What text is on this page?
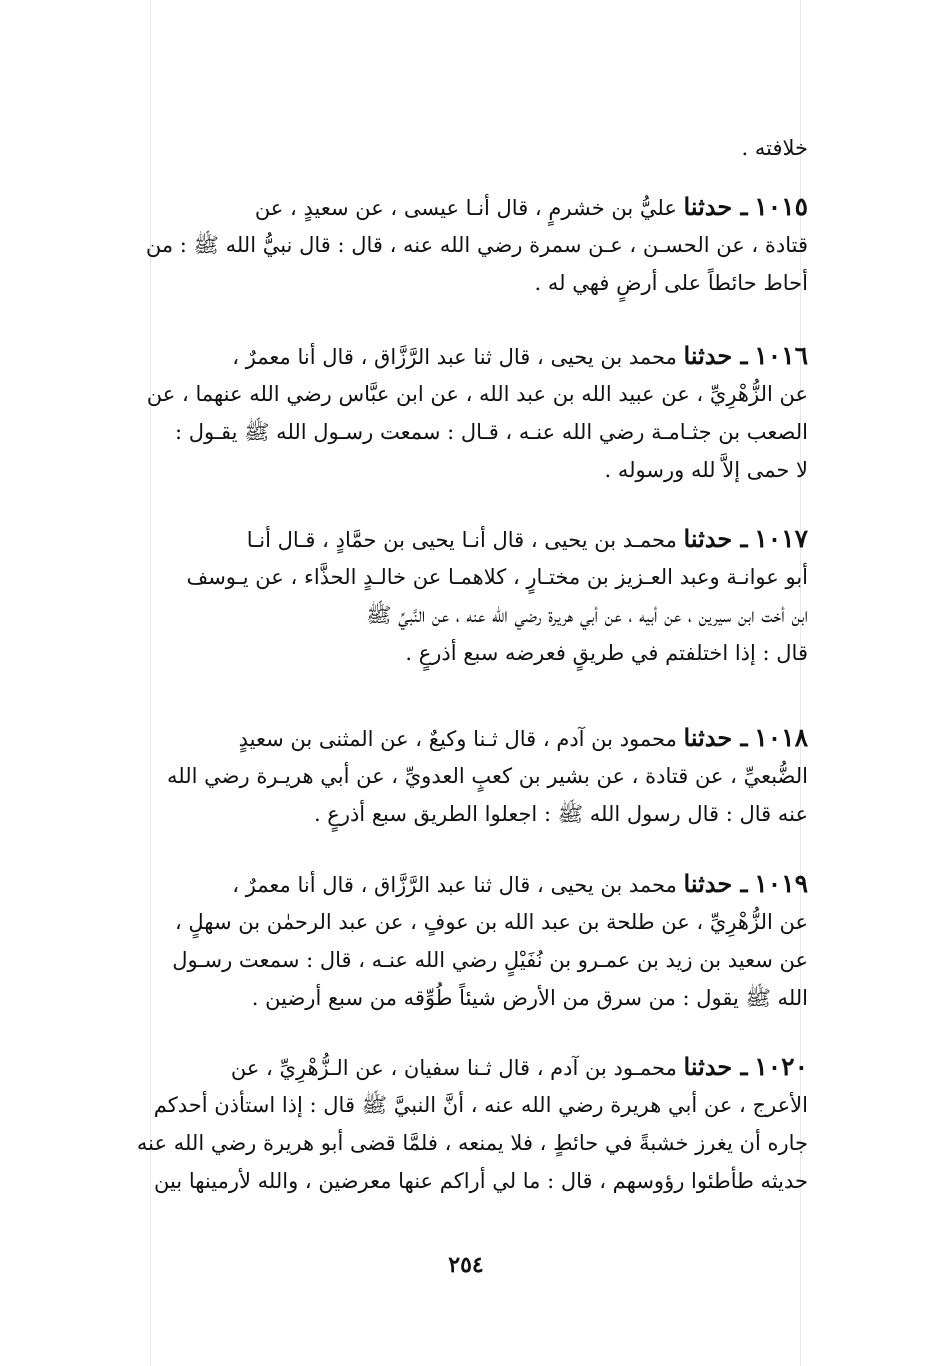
خلافته .
١٠١٥ ـ حدثنا عليُّ بن خشرمٍ ، قال أنـا عيسى ، عن سعيدٍ ، عن
قتادة ، عن الحسـن ، عـن سمرة رضي الله عنه ، قال : قال نبيُّ الله ﷺ : من
أحاط حائطاً على أرضٍ فهي له .
١٠١٦ ـ حدثنا محمد بن يحيى ، قال ثنا عبد الرَّزَّاق ، قال أنا معمرٌ ،
عن الزُّهْرِيِّ ، عن عبيد الله بن عبد الله ، عن ابن عبَّاس رضي الله عنهما ، عن
الصعب بن جثـامـة رضي الله عنـه ، قـال : سمعت رسـول الله ﷺ يقـول :
لا حمى إلاَّ لله ورسوله .
١٠١٧ ـ حدثنا محمـد بن يحيى ، قال أنـا يحيى بن حمَّادٍ ، قـال أنـا
أبو عوانـة وعبد العـزيز بن مختـارٍ ، كلاهمـا عن خالـدٍ الحذَّاء ، عن يـوسف
ابن أخت ابن سيرين ، عن أبيه ، عن أبي هريرة رضي الله عنه ، عن النَّبيِّ ﷺ
قال : إذا اختلفتم في طريقٍ فعرضه سبع أذرعٍ .
١٠١٨ ـ حدثنا محمود بن آدم ، قال ثـنا وكيعٌ ، عن المثنى بن سعيدٍ
الضُّبعيِّ ، عن قتادة ، عن بشير بن كعبٍ العدويِّ ، عن أبي هريـرة رضي الله
عنه قال : قال رسول الله ﷺ : اجعلوا الطريق سبع أذرعٍ .
١٠١٩ ـ حدثنا محمد بن يحيى ، قال ثنا عبد الرَّزَّاق ، قال أنا معمرٌ ،
عن الزُّهْرِيِّ ، عن طلحة بن عبد الله بن عوفٍ ، عن عبد الرحمٰن بن سهلٍ ،
عن سعيد بن زيد بن عمـرو بن نُفَيْلٍ رضي الله عنـه ، قال : سمعت رسـول
الله ﷺ يقول : من سرق من الأرض شيئاً طُوِّقه من سبع أرضين .
١٠٢٠ ـ حدثنا محمـود بن آدم ، قال ثـنا سفيان ، عن الـزُّهْرِيِّ ، عن
الأعرج ، عن أبي هريرة رضي الله عنه ، أنَّ النبيَّ ﷺ قال : إذا استأذن أحدكم
جاره أن يغرز خشبةً في حائطٍ ، فلا يمنعه ، فلمَّا قضى أبو هريرة رضي الله عنه
حديثه طأطئوا رؤوسهم ، قال : ما لي أراكم عنها معرضين ، والله لأرمينها بين
٢٥٤
